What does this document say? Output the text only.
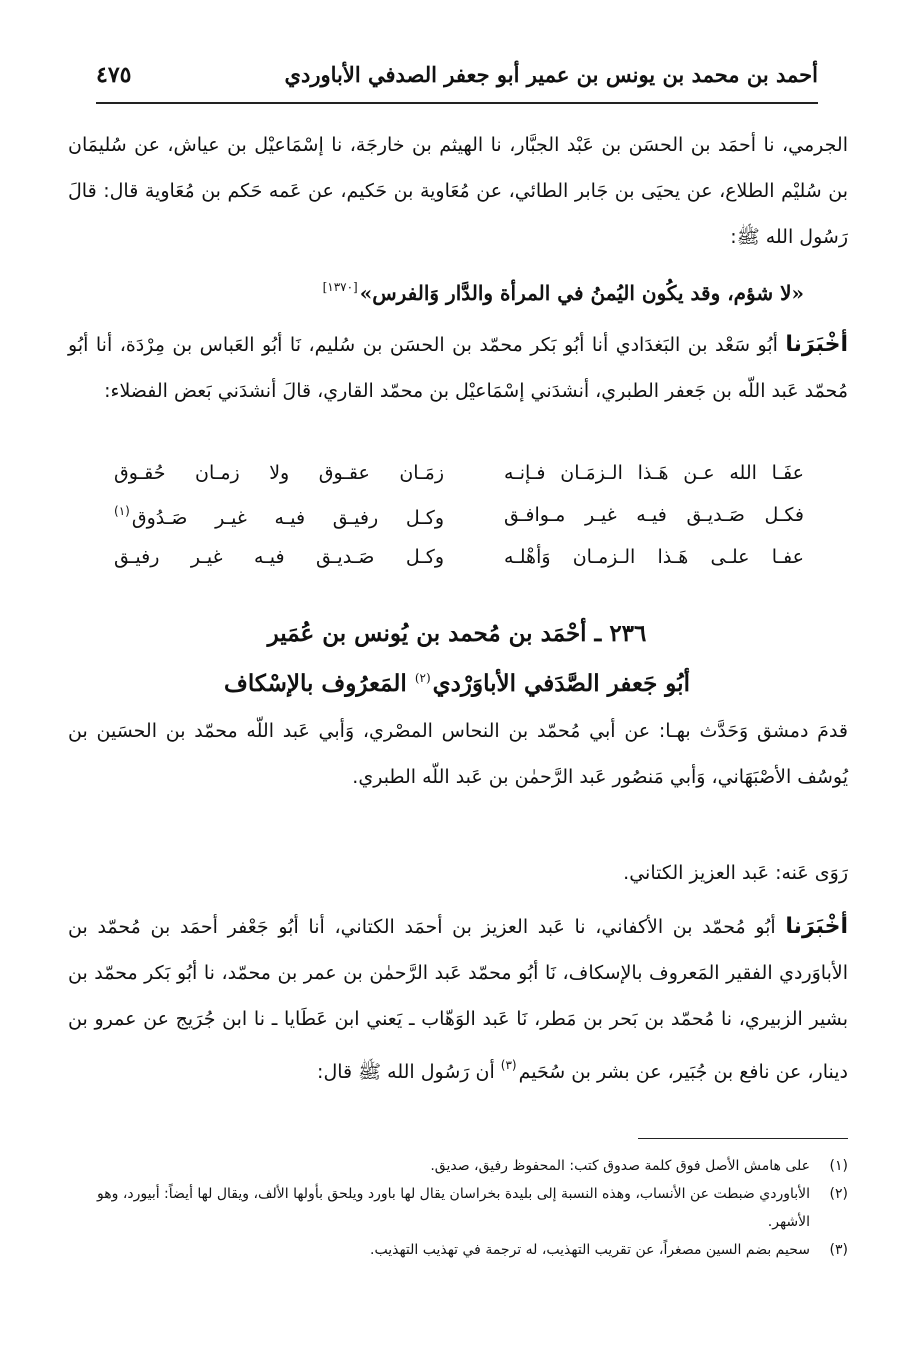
أحمد بن محمد بن يونس بن عمير أبو جعفر الصدفي الأباوردي
٤٧٥
الجرمي، نا أحمَد بن الحسَن بن عَبْد الجبَّار، نا الهيثم بن خارجَة، نا إسْمَاعيْل بن عياش، عن سُليمَان بن سُليْم الطلاع، عن يحيَى بن جَابر الطائي، عن مُعَاوية بن حَكيم، عن عَمه حَكم بن مُعَاوية قال: قالَ رَسُول الله ﷺ:
«لا شؤم، وقد يكُون اليُمنُ في المرأة والدَّار وَالفرس»[١٣٧٠]
أخْبَرَنا أبُو سَعْد بن البَغدَادي أنا أبُو بَكر محمّد بن الحسَن بن سُليم، نَا أبُو العَباس بن مِرْدَة، أنا أبُو مُحمّد عَبد اللّه بن جَعفر الطبري، أنشدَني إسْمَاعيْل بن محمّد القاري، قالَ أنشدَني بَعض الفضلاء:
عفَـا الله عـن هَـذا الـزمَـان فـإنـه
زمَـان عقـوق ولا زمـان حُقـوق
فكـل صَـديـق فيـه غيـر مـوافـق
وكـل رفيـق فيـه غيـر صَـدُوق$^{(١)}$
عفـا علـى هَـذا الـزمـان وَأهْلـه
وكـل صَـديـق فيـه غيـر رفيـق
٢٣٦ ـ أحْمَد بن مُحمد بن يُونس بن عُمَير
أبُو جَعفر الصَّدَفي الأباوَرْدي$^{(٢)}$ المَعرُوف بالإسْكاف
قدمَ دمشق وَحَدَّث بهـا: عن أبي مُحمّد بن النحاس المصْري، وَأبي عَبد اللّه محمّد بن الحسَين بن يُوسُف الأصْبَهَاني، وَأبي مَنصُور عَبد الرَّحمٰن بن عَبد اللّه الطبري.
رَوَى عَنه: عَبد العزيز الكتاني.
أخْبَرَنا أبُو مُحمّد بن الأكفاني، نا عَبد العزيز بن أحمَد الكتاني، أنا أبُو جَعْفر أحمَد بن مُحمّد بن الأباوَردي الفقير المَعروف بالإسكاف، نَا أبُو محمّد عَبد الرَّحمٰن بن عمر بن محمّد، نا أبُو بَكر محمّد بن بشير الزبيري، نا مُحمّد بن بَحر بن مَطر، نَا عَبد الوَهّاب ـ يَعني ابن عَطَايا ـ نا ابن جُرَيج عن عمرو بن دينار، عن نافع بن جُبَير، عن بشر بن سُحَيم$^{(٣)}$ أن رَسُول الله ﷺ قال:
(١)
على هامش الأصل فوق كلمة صدوق كتب: المحفوظ رفيق، صديق.
(٢)
الأباوردي ضبطت عن الأنساب، وهذه النسبة إلى بليدة بخراسان يقال لها باورد ويلحق بأولها الألف، ويقال لها أيضاً: أبيورد، وهو الأشهر.
(٣)
سحيم بضم السين مصغراً، عن تقريب التهذيب، له ترجمة في تهذيب التهذيب.
